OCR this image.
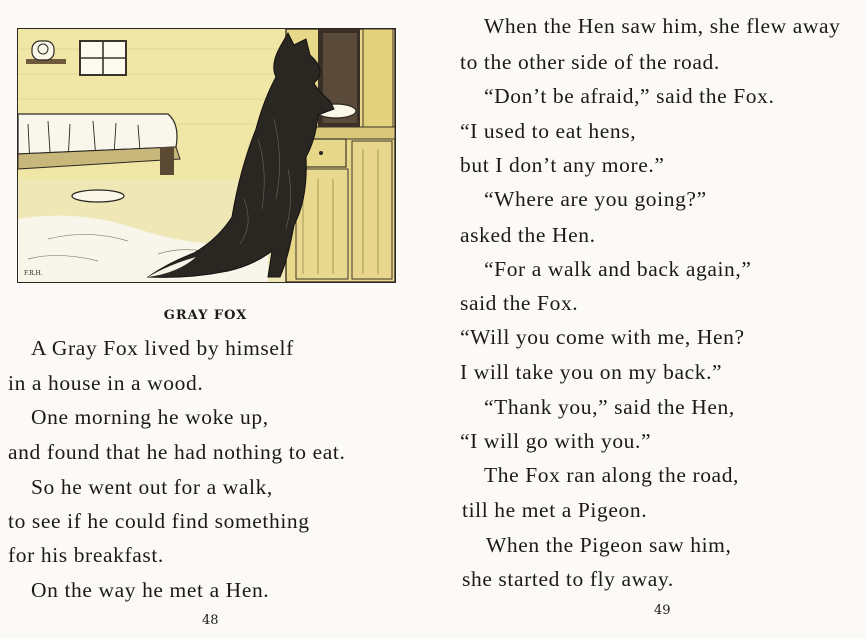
F.R.H.
GRAY FOX
A Gray Fox lived by himself
in a house in a wood.
One morning he woke up,
and found that he had nothing to eat.
So he went out for a walk,
to see if he could find something
for his breakfast.
On the way he met a Hen.
48
When the Hen saw him, she flew away
to the other side of the road.
“Don’t be afraid,” said the Fox.
“I used to eat hens,
but I don’t any more.”
“Where are you going?”
asked the Hen.
“For a walk and back again,”
said the Fox.
“Will you come with me, Hen?
I will take you on my back.”
“Thank you,” said the Hen,
“I will go with you.”
The Fox ran along the road,
till he met a Pigeon.
When the Pigeon saw him,
she started to fly away.
49
